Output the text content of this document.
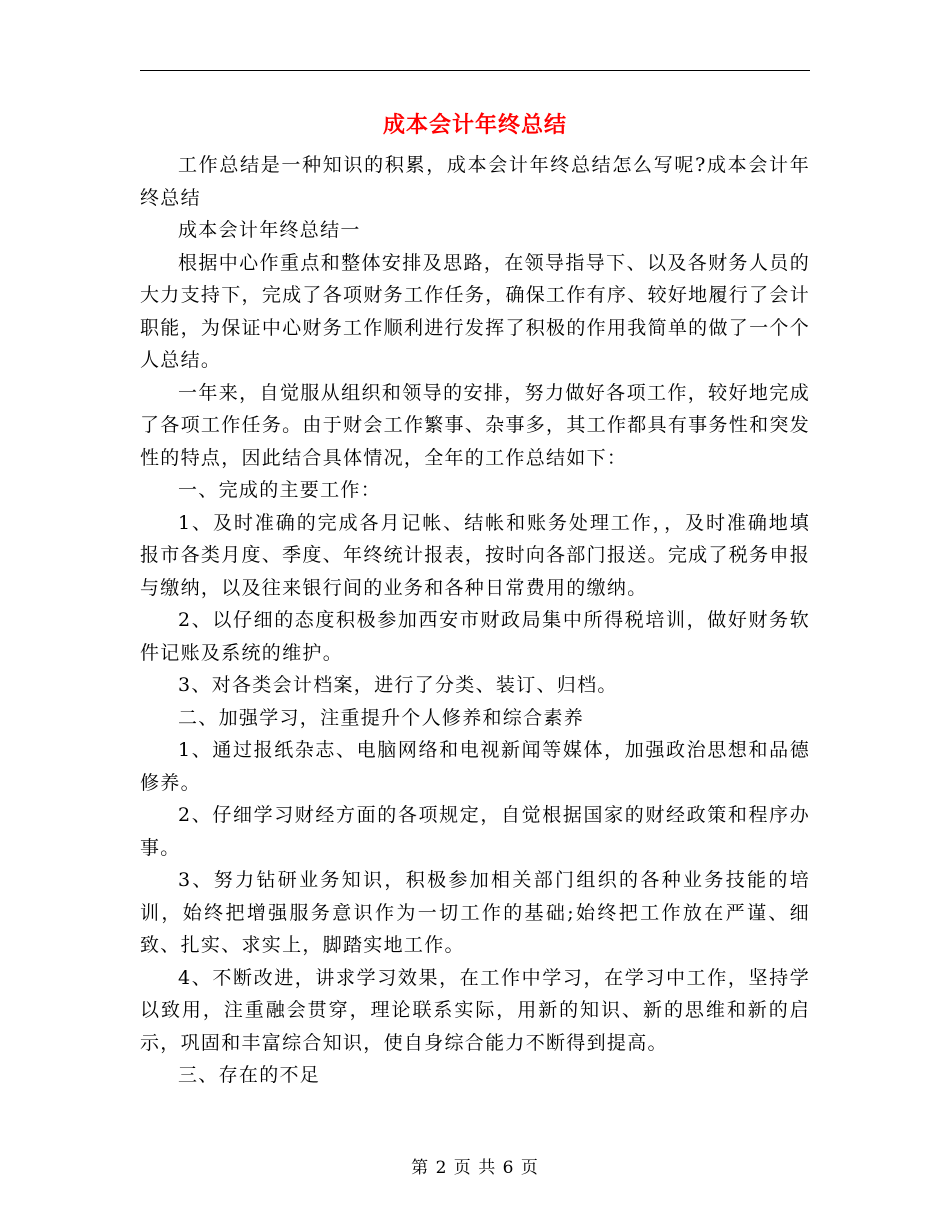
成本会计年终总结

工作总结是一种知识的积累，成本会计年终总结怎么写呢?成本会计年终总结

成本会计年终总结一

根据中心作重点和整体安排及思路，在领导指导下、以及各财务人员的大力支持下，完成了各项财务工作任务，确保工作有序、较好地履行了会计职能，为保证中心财务工作顺利进行发挥了积极的作用我简单的做了一个个人总结。

一年来，自觉服从组织和领导的安排，努力做好各项工作，较好地完成了各项工作任务。由于财会工作繁事、杂事多，其工作都具有事务性和突发性的特点，因此结合具体情况，全年的工作总结如下：

一、完成的主要工作：

1、及时准确的完成各月记帐、结帐和账务处理工作，，及时准确地填报市各类月度、季度、年终统计报表，按时向各部门报送。完成了税务申报与缴纳，以及往来银行间的业务和各种日常费用的缴纳。

2、以仔细的态度积极参加西安市财政局集中所得税培训，做好财务软件记账及系统的维护。

3、对各类会计档案，进行了分类、装订、归档。

二、加强学习，注重提升个人修养和综合素养

1、通过报纸杂志、电脑网络和电视新闻等媒体，加强政治思想和品德修养。

2、仔细学习财经方面的各项规定，自觉根据国家的财经政策和程序办事。

3、努力钻研业务知识，积极参加相关部门组织的各种业务技能的培训，始终把增强服务意识作为一切工作的基础;始终把工作放在严谨、细致、扎实、求实上，脚踏实地工作。

4、不断改进，讲求学习效果，在工作中学习，在学习中工作，坚持学以致用，注重融会贯穿，理论联系实际，用新的知识、新的思维和新的启示，巩固和丰富综合知识，使自身综合能力不断得到提高。

三、存在的不足

第 2 页 共 6 页
